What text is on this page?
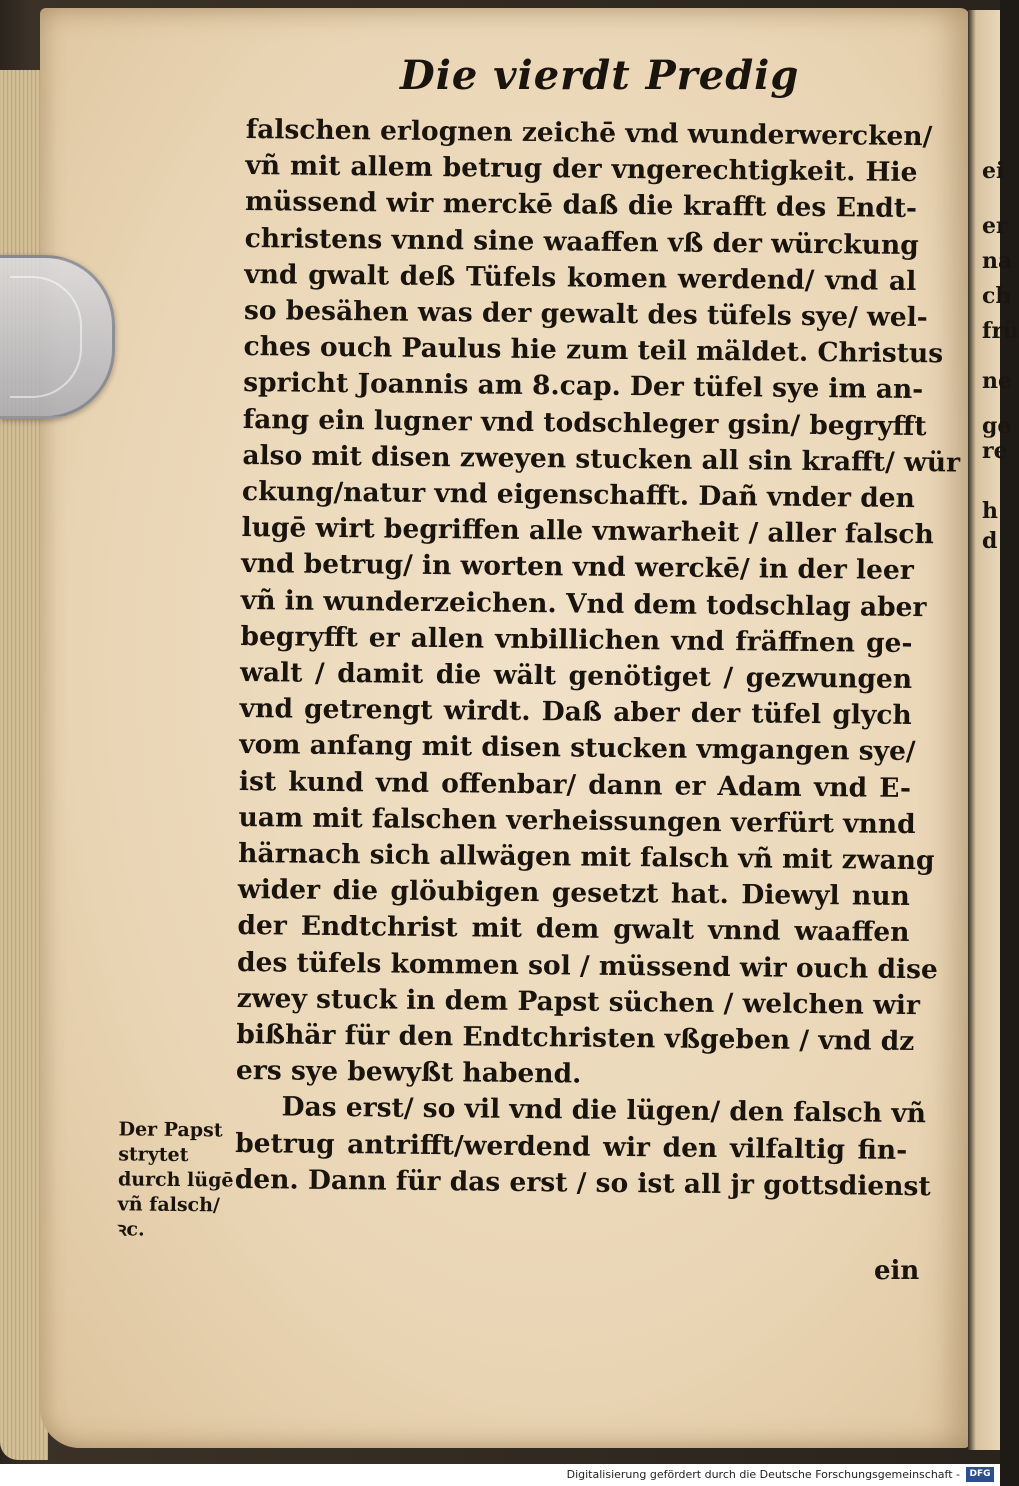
ei
er
na
ch
frü
ne
ge
re
h
d
Die vierdt Predig
falschen erlognen zeichē vnd wunderwercken/
vñ mit allem betrug der vngerechtigkeit. Hie
müssend wir merckē daß die krafft des Endt-
christens vnnd sine waaffen vß der würckung
vnd gwalt deß Tüfels komen werdend/ vnd al
so besähen was der gewalt des tüfels sye/ wel-
ches ouch Paulus hie zum teil mäldet. Christus
spricht Joannis am 8.cap. Der tüfel sye im an-
fang ein lugner vnd todschleger gsin/ begryfft
also mit disen zweyen stucken all sin krafft/ wür
ckung/natur vnd eigenschafft. Dañ vnder den
lugē wirt begriffen alle vnwarheit / aller falsch
vnd betrug/ in worten vnd werckē/ in der leer
vñ in wunderzeichen. Vnd dem todschlag aber
begryfft er allen vnbillichen vnd fräffnen ge-
walt / damit die wält genötiget / gezwungen
vnd getrengt wirdt. Daß aber der tüfel glych
vom anfang mit disen stucken vmgangen sye/
ist kund vnd offenbar/ dann er Adam vnd E-
uam mit falschen verheissungen verfürt vnnd
härnach sich allwägen mit falsch vñ mit zwang
wider die glöubigen gesetzt hat. Diewyl nun
der Endtchrist mit dem gwalt vnnd waaffen
des tüfels kommen sol / müssend wir ouch dise
zwey stuck in dem Papst süchen / welchen wir
bißhär für den Endtchristen vßgeben / vnd dz
ers sye bewyßt habend.
Das erst/ so vil vnd die lügen/ den falsch vñ
betrug antrifft/werdend wir den vilfaltig fin-
den. Dann für das erst / so ist all jr gottsdienst
Der Papst
strytet
durch lügē
vñ falsch/
ꝛc.
ein
Digitalisierung gefördert durch die Deutsche Forschungsgemeinschaft -	DFG
